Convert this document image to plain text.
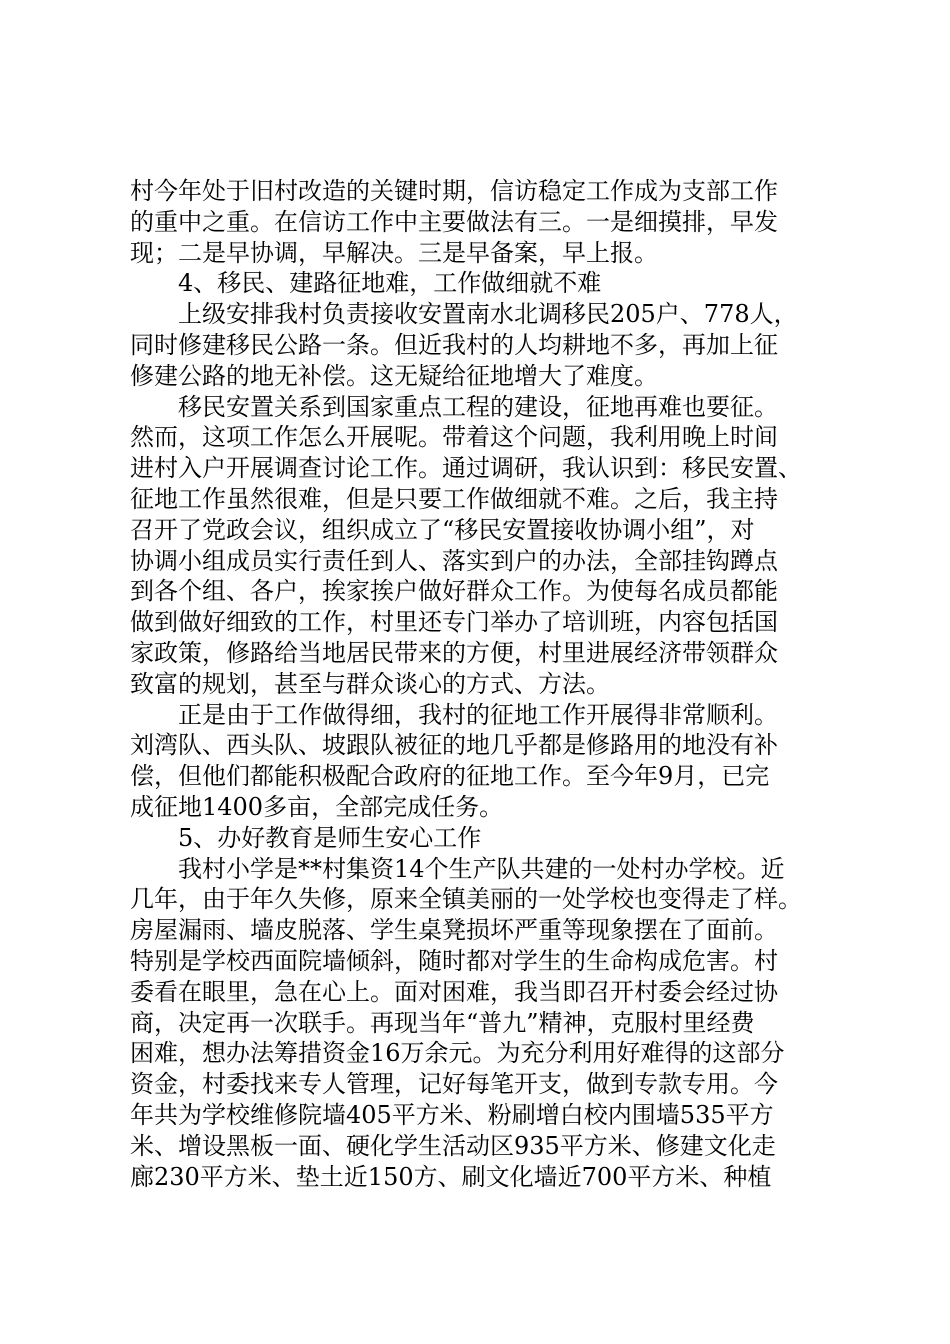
村今年处于旧村改造的关键时期，信访稳定工作成为支部工作
的重中之重。在信访工作中主要做法有三。一是细摸排，早发
现；二是早协调，早解决。三是早备案，早上报。
4、移民、建路征地难，工作做细就不难
上级安排我村负责接收安置南水北调移民205户、778人，
同时修建移民公路一条。但近我村的人均耕地不多，再加上征
修建公路的地无补偿。这无疑给征地增大了难度。
移民安置关系到国家重点工程的建设，征地再难也要征。
然而，这项工作怎么开展呢。带着这个问题，我利用晚上时间
进村入户开展调查讨论工作。通过调研，我认识到：移民安置、
征地工作虽然很难，但是只要工作做细就不难。之后，我主持
召开了党政会议，组织成立了“移民安置接收协调小组”，对
协调小组成员实行责任到人、落实到户的办法，全部挂钩蹲点
到各个组、各户，挨家挨户做好群众工作。为使每名成员都能
做到做好细致的工作，村里还专门举办了培训班，内容包括国
家政策，修路给当地居民带来的方便，村里进展经济带领群众
致富的规划，甚至与群众谈心的方式、方法。
正是由于工作做得细，我村的征地工作开展得非常顺利。
刘湾队、西头队、坡跟队被征的地几乎都是修路用的地没有补
偿，但他们都能积极配合政府的征地工作。至今年9月，已完
成征地1400多亩，全部完成任务。
5、办好教育是师生安心工作
我村小学是**村集资14个生产队共建的一处村办学校。近
几年，由于年久失修，原来全镇美丽的一处学校也变得走了样。
房屋漏雨、墙皮脱落、学生桌凳损坏严重等现象摆在了面前。
特别是学校西面院墙倾斜，随时都对学生的生命构成危害。村
委看在眼里，急在心上。面对困难，我当即召开村委会经过协
商，决定再一次联手。再现当年“普九”精神，克服村里经费
困难，想办法筹措资金16万余元。为充分利用好难得的这部分
资金，村委找来专人管理，记好每笔开支，做到专款专用。今
年共为学校维修院墙405平方米、粉刷增白校内围墙535平方
米、增设黑板一面、硬化学生活动区935平方米、修建文化走
廊230平方米、垫土近150方、刷文化墙近700平方米、种植
